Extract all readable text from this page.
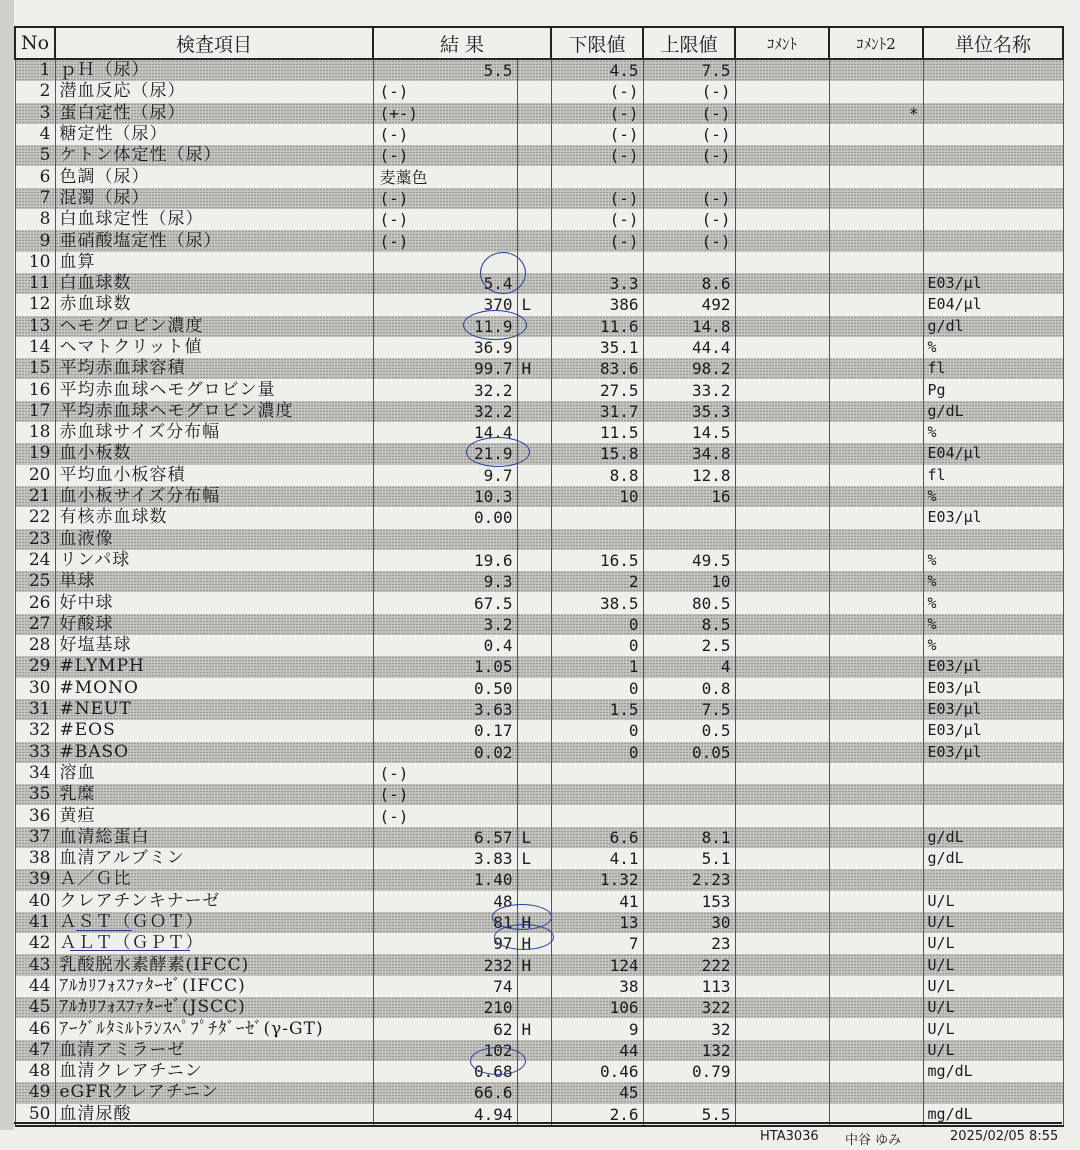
No	検査項目	結 果		下限値	上限値	ｺﾒﾝﾄ	ｺﾒﾝﾄ2	単位名称
1	ｐＨ（尿）	5.5		4.5	7.5			
2	潜血反応（尿）	(-)		(-)	(-)			
3	蛋白定性（尿）	(+-)		(-)	(-)		*	
4	糖定性（尿）	(-)		(-)	(-)			
5	ケトン体定性（尿）	(-)		(-)	(-)			
6	色調（尿）	麦藁色						
7	混濁（尿）	(-)		(-)	(-)			
8	白血球定性（尿）	(-)		(-)	(-)			
9	亜硝酸塩定性（尿）	(-)		(-)	(-)			
10	血算							
11	白血球数	5.4		3.3	8.6			E03/μl
12	赤血球数	370	L	386	492			E04/μl
13	ヘモグロビン濃度	11.9		11.6	14.8			g/dl
14	ヘマトクリット値	36.9		35.1	44.4			%
15	平均赤血球容積	99.7	H	83.6	98.2			fl
16	平均赤血球ヘモグロビン量	32.2		27.5	33.2			Pg
17	平均赤血球ヘモグロビン濃度	32.2		31.7	35.3			g/dL
18	赤血球サイズ分布幅	14.4		11.5	14.5			%
19	血小板数	21.9		15.8	34.8			E04/μl
20	平均血小板容積	9.7		8.8	12.8			fl
21	血小板サイズ分布幅	10.3		10	16			%
22	有核赤血球数	0.00						E03/μl
23	血液像							
24	リンパ球	19.6		16.5	49.5			%
25	単球	9.3		2	10			%
26	好中球	67.5		38.5	80.5			%
27	好酸球	3.2		0	8.5			%
28	好塩基球	0.4		0	2.5			%
29	#LYMPH	1.05		1	4			E03/μl
30	#MONO	0.50		0	0.8			E03/μl
31	#NEUT	3.63		1.5	7.5			E03/μl
32	#EOS	0.17		0	0.5			E03/μl
33	#BASO	0.02		0	0.05			E03/μl
34	溶血	(-)						
35	乳糜	(-)						
36	黄疸	(-)						
37	血清総蛋白	6.57	L	6.6	8.1			g/dL
38	血清アルブミン	3.83	L	4.1	5.1			g/dL
39	Ａ／Ｇ比	1.40		1.32	2.23			
40	クレアチンキナーゼ	48		41	153			U/L
41	ＡＳＴ（ＧＯＴ）	81	H	13	30			U/L
42	ＡＬＴ（ＧＰＴ）	97	H	7	23			U/L
43	乳酸脱水素酵素(IFCC)	232	H	124	222			U/L
44	ｱﾙｶﾘﾌｫｽﾌｧﾀｰｾﾞ(IFCC)	74		38	113			U/L
45	ｱﾙｶﾘﾌｫｽﾌｧﾀｰｾﾞ(JSCC)	210		106	322			U/L
46	ｱｰｸﾞﾙﾀﾐﾙﾄﾗﾝｽﾍﾟﾌﾟﾁﾀﾞｰｾﾞ(γ-GT)	62	H	9	32			U/L
47	血清アミラーゼ	102		44	132			U/L
48	血清クレアチニン	0.68		0.46	0.79			mg/dL
49	eGFRクレアチニン	66.6		45				
50	血清尿酸	4.94		2.6	5.5			mg/dL
HTA3036 中谷 ゆみ	2025/02/05 8:55
